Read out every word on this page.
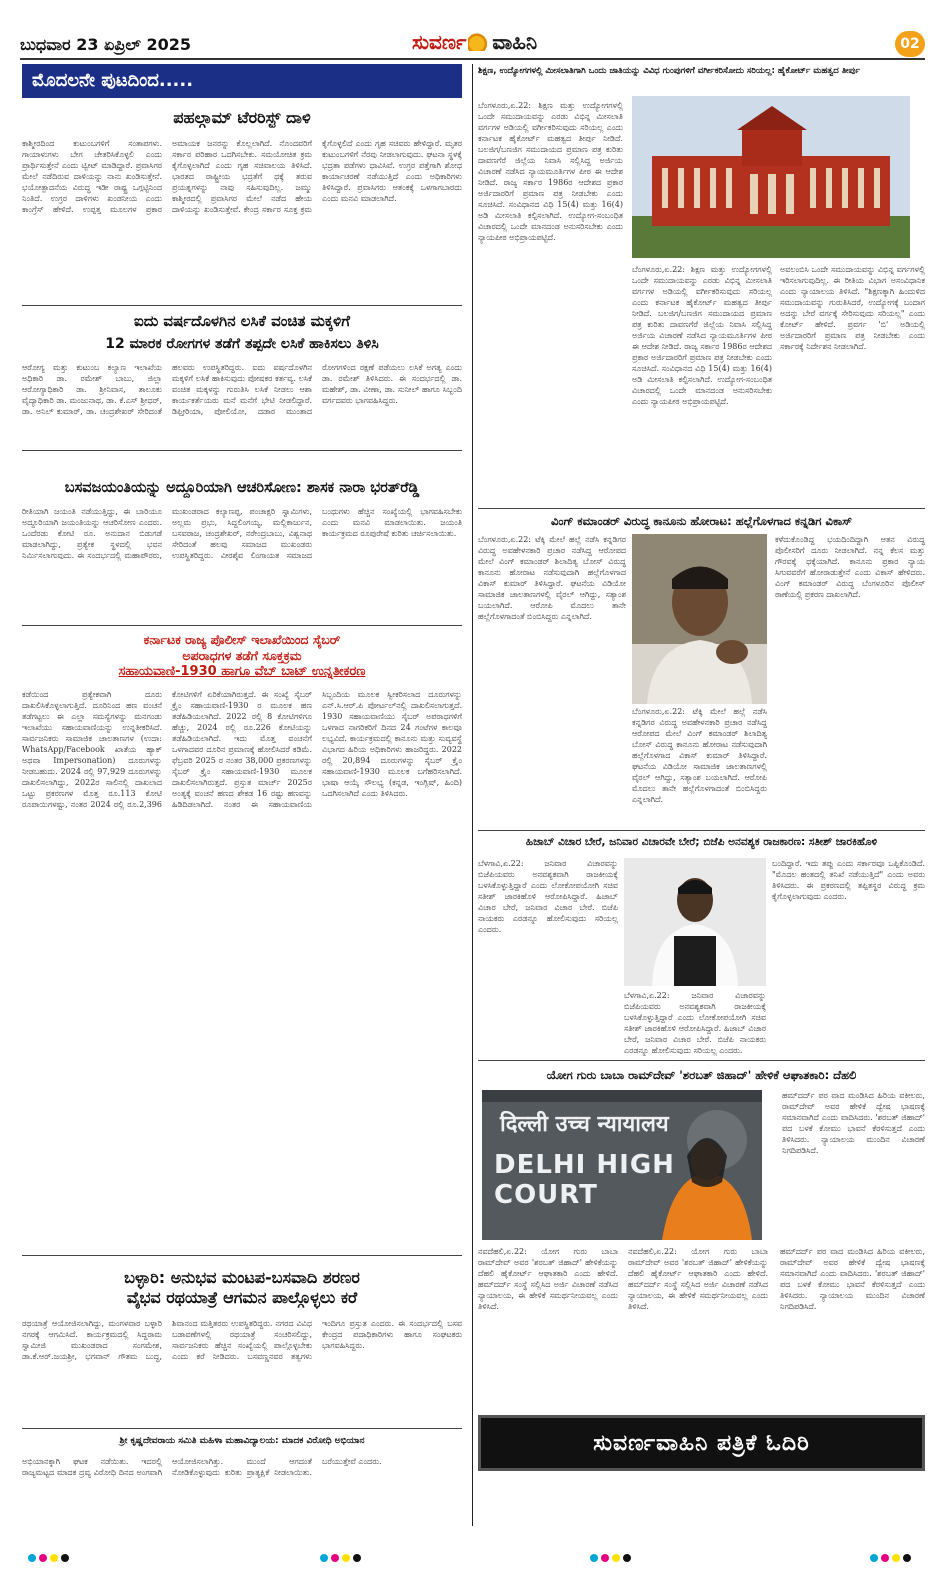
ಬುಧವಾರ 23 ಏಪ್ರಿಲ್ 2025	ಸುವರ್ಣ ವಾಹಿನಿ	02
ಮೊದಲನೇ ಪುಟದಿಂದ.....
ಪಹಲ್ಗಾಮ್ ಟೆರರಿಸ್ಟ್ ದಾಳಿ
ಕಾಶ್ಮೀರದಿಂದ ಕುಟುಂಬಗಳಿಗೆ ಸಂತಾಪಗಳು. ಗಾಯಾಳುಗಳು ಬೇಗ ಚೇತರಿಸಿಕೊಳ್ಳಲಿ ಎಂದು ಪ್ರಾರ್ಥಿಸುತ್ತೇನೆ ಎಂದು ಟ್ವೀಟ್ ಮಾಡಿದ್ದಾರೆ. ಪ್ರವಾಸಿಗರ ಮೇಲೆ ನಡೆದಿರುವ ದಾಳಿಯನ್ನು ನಾನು ಖಂಡಿಸುತ್ತೇನೆ. ಭಯೋತ್ಪಾದನೆಯ ವಿರುದ್ಧ ಇಡೀ ರಾಷ್ಟ್ರ ಒಗ್ಗಟ್ಟಿನಿಂದ ನಿಂತಿದೆ. ಉಗ್ರರ ದಾಳಿಗಳು ಖಂಡನೀಯ ಎಂದು ಕಾಂಗ್ರೆಸ್ ಹೇಳಿದೆ. ಉಪ್ಪತ್ತ ಮೂಲಗಳ ಪ್ರಕಾರ ಅಮಾಯಕ ಜನರನ್ನು ಕೊಲ್ಲಲಾಗಿದೆ. ನೊಂದವರಿಗೆ ಸರ್ಕಾರ ಪರಿಹಾರ ಒದಗಿಸಬೇಕು. ಸಮಯೋಚಿತ ಕ್ರಮ ಕೈಗೊಳ್ಳಲಾಗಿದೆ ಎಂದು ಗೃಹ ಸಚಿವಾಲಯ ತಿಳಿಸಿದೆ. ಭಾರತದ ರಾಷ್ಟ್ರೀಯ ಭದ್ರತೆಗೆ ಧಕ್ಕೆ ತರುವ ಪ್ರಯತ್ನಗಳನ್ನು ನಾವು ಸಹಿಸುವುದಿಲ್ಲ. ಜಮ್ಮು ಕಾಶ್ಮೀರದಲ್ಲಿ ಪ್ರವಾಸಿಗರ ಮೇಲೆ ನಡೆದ ಹೇಯ ದಾಳಿಯನ್ನು ಖಂಡಿಸುತ್ತೇವೆ. ಕೇಂದ್ರ ಸರ್ಕಾರ ಸೂಕ್ತ ಕ್ರಮ ಕೈಗೊಳ್ಳಲಿದೆ ಎಂದು ಗೃಹ ಸಚಿವರು ಹೇಳಿದ್ದಾರೆ. ಮೃತರ ಕುಟುಂಬಗಳಿಗೆ ನೆರವು ನೀಡಲಾಗುವುದು. ಘಟನಾ ಸ್ಥಳಕ್ಕೆ ಭದ್ರತಾ ಪಡೆಗಳು ಧಾವಿಸಿವೆ. ಉಗ್ರರ ಪತ್ತೆಗಾಗಿ ಶೋಧ ಕಾರ್ಯಾಚರಣೆ ನಡೆಯುತ್ತಿದೆ ಎಂದು ಅಧಿಕಾರಿಗಳು ತಿಳಿಸಿದ್ದಾರೆ. ಪ್ರವಾಸಿಗರು ಆತಂಕಕ್ಕೆ ಒಳಗಾಗಬಾರದು ಎಂದು ಮನವಿ ಮಾಡಲಾಗಿದೆ.
ಐದು ವರ್ಷದೊಳಗಿನ ಲಸಿಕೆ ವಂಚಿತ ಮಕ್ಕಳಿಗೆ
12 ಮಾರಕ ರೋಗಗಳ ತಡೆಗೆ ತಪ್ಪದೇ ಲಸಿಕೆ ಹಾಕಿಸಲು ತಿಳಿಸಿ
ಆರೋಗ್ಯ ಮತ್ತು ಕುಟುಂಬ ಕಲ್ಯಾಣ ಇಲಾಖೆಯ ಅಧಿಕಾರಿ ಡಾ. ರಮೇಶ್ ಬಾಬು, ಜಿಲ್ಲಾ ಆರೋಗ್ಯಾಧಿಕಾರಿ ಡಾ. ಶ್ರೀನಿವಾಸ, ತಾಲೂಕು ವೈದ್ಯಾಧಿಕಾರಿ ಡಾ. ಮಂಜುನಾಥ, ಡಾ. ಕೆ.ಎಸ್ ಶ್ರೀಧರ್, ಡಾ. ಅನಿಲ್ ಕುಮಾರ್, ಡಾ. ಚಂದ್ರಶೇಖರ್ ಸೇರಿದಂತೆ ಹಲವರು ಉಪಸ್ಥಿತರಿದ್ದರು. ಐದು ವರ್ಷದೊಳಗಿನ ಮಕ್ಕಳಿಗೆ ಲಸಿಕೆ ಹಾಕಿಸುವುದು ಪೋಷಕರ ಕರ್ತವ್ಯ. ಲಸಿಕೆ ವಂಚಿತ ಮಕ್ಕಳನ್ನು ಗುರುತಿಸಿ ಲಸಿಕೆ ನೀಡಲು ಆಶಾ ಕಾರ್ಯಕರ್ತೆಯರು ಮನೆ ಮನೆಗೆ ಭೇಟಿ ನೀಡಲಿದ್ದಾರೆ. ಡಿಫ್ತೀರಿಯಾ, ಪೋಲಿಯೋ, ದಡಾರ ಮುಂತಾದ ರೋಗಗಳಿಂದ ರಕ್ಷಣೆ ಪಡೆಯಲು ಲಸಿಕೆ ಅಗತ್ಯ ಎಂದು ಡಾ. ರಮೇಶ್ ತಿಳಿಸಿದರು. ಈ ಸಂದರ್ಭದಲ್ಲಿ ಡಾ. ಮಹೇಶ್, ಡಾ. ವೀಣಾ, ಡಾ. ಸುನೀಲ್ ಹಾಗೂ ಸಿಬ್ಬಂದಿ ವರ್ಗದವರು ಭಾಗವಹಿಸಿದ್ದರು.
ಬಸವಜಯಂತಿಯನ್ನು ಅದ್ದೂರಿಯಾಗಿ ಆಚರಿಸೋಣ: ಶಾಸಕ ನಾರಾ ಭರತ್‌ರೆಡ್ಡಿ
ರೀತಿಯಾಗಿ ಜಯಂತಿ ನಡೆಯುತ್ತಿದ್ದು, ಈ ಬಾರಿಯೂ ಅದ್ದೂರಿಯಾಗಿ ಜಯಂತಿಯನ್ನು ಆಚರಿಸೋಣ ಎಂದರು. ಒಂದೆರಡು ಕೋಟಿ ರೂ. ಅನುದಾನ ಬಿಡುಗಡೆ ಮಾಡಲಾಗಿದ್ದು, ಪ್ರತ್ಯೇಕ ಸ್ಥಳದಲ್ಲಿ ಭವನ ನಿರ್ಮಿಸಲಾಗುವುದು. ಈ ಸಂದರ್ಭದಲ್ಲಿ ಮಹಾಪೌರರು, ಮುಖಂಡರಾದ ಕಲ್ಯಾಣಪ್ಪ, ಪಂಚಾಕ್ಷರಿ ಸ್ವಾಮಿಗಳು, ಅಲ್ಲಮ ಪ್ರಭು, ಸಿದ್ದಲಿಂಗಯ್ಯ, ಮಲ್ಲಿಕಾರ್ಜುನ, ಬಸವರಾಜ, ಚಂದ್ರಶೇಖರ್, ನರೇಂದ್ರಬಾಬು, ವಿಶ್ವನಾಥ ಸೇರಿದಂತೆ ಹಲವು ಸಮಾಜದ ಮುಖಂಡರು ಉಪಸ್ಥಿತರಿದ್ದರು. ವೀರಶೈವ ಲಿಂಗಾಯತ ಸಮಾಜದ ಬಂಧುಗಳು ಹೆಚ್ಚಿನ ಸಂಖ್ಯೆಯಲ್ಲಿ ಭಾಗವಹಿಸಬೇಕು ಎಂದು ಮನವಿ ಮಾಡಲಾಯಿತು. ಜಯಂತಿ ಕಾರ್ಯಕ್ರಮದ ರೂಪುರೇಷೆ ಕುರಿತು ಚರ್ಚಿಸಲಾಯಿತು.
ಕರ್ನಾಟಕ ರಾಜ್ಯ ಪೊಲೀಸ್ ಇಲಾಖೆಯಿಂದ ಸೈಬರ್
ಅಪರಾಧಗಳ ತಡೆಗೆ ಸೂಕ್ತಕ್ರಮ
ಸಹಾಯವಾಣಿ-1930 ಹಾಗೂ ವೆಬ್ ಬಾಟ್ ಉನ್ನತೀಕರಣ
ಕಡೆಯಿಂದ ಪ್ರತ್ಯೇಕವಾಗಿ ದೂರು ದಾಖಲಿಸಿಕೊಳ್ಳಲಾಗುತ್ತಿದೆ. ದೂರಿನಿಂದ ಹಣ ವಂಚನೆ ತಡೆಗಟ್ಟಲು ಈ ಎಲ್ಲಾ ಸಮಸ್ಯೆಗಳನ್ನು ಮನಗಂಡು ಇಲಾಖೆಯು ಸಹಾಯವಾಣಿಯನ್ನು ಉನ್ನತೀಕರಿಸಿದೆ. ಸಾರ್ವಜನಿಕರು ಸಾಮಾಜಿಕ ಜಾಲತಾಣಗಳ (ಉದಾ: WhatsApp/Facebook ಖಾತೆಯ ಹ್ಯಾಕ್ ಅಥವಾ Impersonation) ದೂರುಗಳನ್ನು ನೀಡಬಹುದು. 2024 ರಲ್ಲಿ 97,929 ದೂರುಗಳನ್ನು ದಾಖಲಿಸಲಾಗಿದ್ದು, 2022ರ ಸಾಲಿನಲ್ಲಿ ದಾಖಲಾದ ಒಟ್ಟು ಪ್ರಕರಣಗಳ ಮೊತ್ತ ರೂ.113 ಕೋಟಿ ರೂಪಾಯಿಗಳಷ್ಟು, ನಂತರ 2024 ರಲ್ಲಿ ರೂ.2,396 ಕೋಟಿಗಳಿಗೆ ಏರಿಕೆಯಾಗಿರುತ್ತದೆ. ಈ ಸಂಖ್ಯೆ ಸೈಬರ್ ಕ್ರೈಂ ಸಹಾಯವಾಣಿ-1930 ರ ಮೂಲಕ ಹಣ ತಡೆಹಿಡಿಯಲಾಗಿದೆ. 2022 ರಲ್ಲಿ 8 ಕೋಟಿಗಳಿಗೂ ಹೆಚ್ಚು, 2024 ರಲ್ಲಿ ರೂ.226 ಕೋಟಿಯನ್ನು ತಡೆಹಿಡಿಯಲಾಗಿದೆ. ಇದು ಮೊತ್ತ ವಂಚನೆಗೆ ಒಳಗಾದವರ ದೂರಿನ ಪ್ರಮಾಣಕ್ಕೆ ಹೋಲಿಸಿದರೆ ಕಡಿಮೆ. ಫೆಬ್ರವರಿ 2025 ರ ನಂತರ 38,000 ಪ್ರಕರಣಗಳನ್ನು ಸೈಬರ್ ಕ್ರೈಂ ಸಹಾಯವಾಣಿ-1930 ಮೂಲಕ ದಾಖಲಿಸಲಾಗಿರುತ್ತದೆ. ಪ್ರಸ್ತುತ ಮಾರ್ಚ್ 2025ರ ಅಂತ್ಯಕ್ಕೆ ವಂಚನೆ ಹಣದ ಶೇಕಡ 16 ರಷ್ಟು ಹಣವನ್ನು ಹಿಡಿದಿಡಲಾಗಿದೆ. ನಂತರ ಈ ಸಹಾಯವಾಣಿಯ ಸಿಬ್ಬಂದಿಯ ಮೂಲಕ ಸ್ವೀಕರಿಸಲಾದ ದೂರುಗಳನ್ನು ಎನ್.ಸಿ.ಆರ್.ಪಿ ಪೋರ್ಟಲ್‌ನಲ್ಲಿ ದಾಖಲಿಸಲಾಗುತ್ತದೆ. 1930 ಸಹಾಯವಾಣಿಯು ಸೈಬರ್ ಅಪರಾಧಗಳಿಗೆ ಒಳಗಾದ ನಾಗರಿಕರಿಗೆ ದಿನದ 24 ಗಂಟೆಗಳ ಕಾಲವೂ ಲಭ್ಯವಿದೆ. ಕಾರ್ಯಕ್ರಮದಲ್ಲಿ ಕಾನೂನು ಮತ್ತು ಸುವ್ಯವಸ್ಥೆ ವಿಭಾಗದ ಹಿರಿಯ ಅಧಿಕಾರಿಗಳು ಹಾಜರಿದ್ದರು. 2022 ರಲ್ಲಿ 20,894 ದೂರುಗಳನ್ನು ಸೈಬರ್ ಕ್ರೈಂ ಸಹಾಯವಾಣಿ-1930 ಮೂಲಕ ಬಗೆಹರಿಸಲಾಗಿದೆ. ಭಾಷಾ ಆಯ್ಕೆ ಸೌಲಭ್ಯ (ಕನ್ನಡ, ಇಂಗ್ಲಿಷ್, ಹಿಂದಿ) ಒದಗಿಸಲಾಗಿದೆ ಎಂದು ತಿಳಿಸಿದರು.
ಬಳ್ಳಾರಿ: ಅನುಭವ ಮಂಟಪ-ಬಸವಾದಿ ಶರಣರ
ವೈಭವ ರಥಯಾತ್ರೆ ಆಗಮನ ಪಾಲ್ಗೊಳ್ಳಲು ಕರೆ
ರಥಯಾತ್ರೆ ಆಯೋಜಿಸಲಾಗಿದ್ದು, ಮಂಗಳವಾರ ಬಳ್ಳಾರಿ ನಗರಕ್ಕೆ ಆಗಮಿಸಿದೆ. ಕಾರ್ಯಕ್ರಮದಲ್ಲಿ ಸಿದ್ದರಾಮ ಸ್ವಾಮೀಜಿ ಮುಖಂಡರಾದ ಸಂಗಮೇಶ, ಡಾ.ಕೆ.ಆರ್.ಜಯಶ್ರೀ, ಭಗವಾನ್ ಗೌತಮ ಬುದ್ಧ, ಶಿವಾನಂದ ಮತ್ತಿತರರು ಉಪಸ್ಥಿತರಿದ್ದರು. ನಗರದ ವಿವಿಧ ಬಡಾವಣೆಗಳಲ್ಲಿ ರಥಯಾತ್ರೆ ಸಂಚರಿಸಲಿದ್ದು, ಸಾರ್ವಜನಿಕರು ಹೆಚ್ಚಿನ ಸಂಖ್ಯೆಯಲ್ಲಿ ಪಾಲ್ಗೊಳ್ಳಬೇಕು ಎಂದು ಕರೆ ನೀಡಿದರು. ಬಸವಣ್ಣನವರ ತತ್ವಗಳು ಇಂದಿಗೂ ಪ್ರಸ್ತುತ ಎಂದರು. ಈ ಸಂದರ್ಭದಲ್ಲಿ ಬಸವ ಕೇಂದ್ರದ ಪದಾಧಿಕಾರಿಗಳು ಹಾಗೂ ಸಂಘಟಕರು ಭಾಗವಹಿಸಿದ್ದರು.
ಶ್ರೀ ಕೃಷ್ಣದೇವರಾಯ ಸಮಿತಿ ಮಹಿಳಾ ಮಹಾವಿದ್ಯಾಲಯ: ಮಾದಕ ವಿರೋಧಿ ಅಭಿಯಾನ
ಅಭಿಯಾನಕ್ಕಾಗಿ ಘಟಕ ನಡೆಯಿತು. ಇದರಲ್ಲಿ ರಾಜ್ಯಮಟ್ಟದ ಮಾದಕ ದ್ರವ್ಯ ವಿರೋಧಿ ದಿನದ ಅಂಗವಾಗಿ ಆಯೋಜಿಸಲಾಗಿತ್ತು. ಮುಂದೆ ಆಗದಂತೆ ನೋಡಿಕೊಳ್ಳುವುದು ಕುರಿತು ಪ್ರಾತ್ಯಕ್ಷಿಕೆ ನೀಡಲಾಯಿತು. ಬರೆಯುತ್ತೇವೆ ಎಂದರು.
ಶಿಕ್ಷಣ, ಉದ್ಯೋಗಗಳಲ್ಲಿ ಮೀಸಲಾತಿಗಾಗಿ ಒಂದು ಜಾತಿಯನ್ನು ವಿವಿಧ ಗುಂಪುಗಳಿಗೆ ವರ್ಗೀಕರಿಸೋದು ಸರಿಯಲ್ಲ: ಹೈಕೋರ್ಟ್ ಮಹತ್ವದ ತೀರ್ಪು
ಬೆಂಗಳೂರು,ಏ.22: ಶಿಕ್ಷಣ ಮತ್ತು ಉದ್ಯೋಗಗಳಲ್ಲಿ ಒಂದೇ ಸಮುದಾಯವನ್ನು ಎರಡು ವಿಭಿನ್ನ ಮೀಸಲಾತಿ ವರ್ಗಗಳ ಅಡಿಯಲ್ಲಿ ವರ್ಗೀಕರಿಸುವುದು ಸರಿಯಲ್ಲ ಎಂದು ಕರ್ನಾಟಕ ಹೈಕೋರ್ಟ್ ಮಹತ್ವದ ತೀರ್ಪು ನೀಡಿದೆ. ಬಲಜಿಗ/ಬಣಜಿಗ ಸಮುದಾಯದ ಪ್ರಮಾಣ ಪತ್ರ ಕುರಿತು ದಾವಣಗೆರೆ ಜಿಲ್ಲೆಯ ನಿವಾಸಿ ಸಲ್ಲಿಸಿದ್ದ ಅರ್ಜಿಯ ವಿಚಾರಣೆ ನಡೆಸಿದ ನ್ಯಾಯಮೂರ್ತಿಗಳ ಪೀಠ ಈ ಆದೇಶ ನೀಡಿದೆ. ರಾಜ್ಯ ಸರ್ಕಾರ 1986ರ ಆದೇಶದ ಪ್ರಕಾರ ಅರ್ಜಿದಾರರಿಗೆ ಪ್ರಮಾಣ ಪತ್ರ ನೀಡಬೇಕು ಎಂದು ಸೂಚಿಸಿದೆ. ಸಂವಿಧಾನದ ವಿಧಿ 15(4) ಮತ್ತು 16(4) ಅಡಿ ಮೀಸಲಾತಿ ಕಲ್ಪಿಸಲಾಗಿದೆ. ಉದ್ಯೋಗ-ಸಂಬಂಧಿತ ವಿಚಾರದಲ್ಲಿ ಒಂದೇ ಮಾನದಂಡ ಅನುಸರಿಸಬೇಕು ಎಂದು ನ್ಯಾಯಪೀಠ ಅಭಿಪ್ರಾಯಪಟ್ಟಿದೆ.
ಬೆಂಗಳೂರು,ಏ.22: ಶಿಕ್ಷಣ ಮತ್ತು ಉದ್ಯೋಗಗಳಲ್ಲಿ ಒಂದೇ ಸಮುದಾಯವನ್ನು ಎರಡು ವಿಭಿನ್ನ ಮೀಸಲಾತಿ ವರ್ಗಗಳ ಅಡಿಯಲ್ಲಿ ವರ್ಗೀಕರಿಸುವುದು ಸರಿಯಲ್ಲ ಎಂದು ಕರ್ನಾಟಕ ಹೈಕೋರ್ಟ್ ಮಹತ್ವದ ತೀರ್ಪು ನೀಡಿದೆ. ಬಲಜಿಗ/ಬಣಜಿಗ ಸಮುದಾಯದ ಪ್ರಮಾಣ ಪತ್ರ ಕುರಿತು ದಾವಣಗೆರೆ ಜಿಲ್ಲೆಯ ನಿವಾಸಿ ಸಲ್ಲಿಸಿದ್ದ ಅರ್ಜಿಯ ವಿಚಾರಣೆ ನಡೆಸಿದ ನ್ಯಾಯಮೂರ್ತಿಗಳ ಪೀಠ ಈ ಆದೇಶ ನೀಡಿದೆ. ರಾಜ್ಯ ಸರ್ಕಾರ 1986ರ ಆದೇಶದ ಪ್ರಕಾರ ಅರ್ಜಿದಾರರಿಗೆ ಪ್ರಮಾಣ ಪತ್ರ ನೀಡಬೇಕು ಎಂದು ಸೂಚಿಸಿದೆ. ಸಂವಿಧಾನದ ವಿಧಿ 15(4) ಮತ್ತು 16(4) ಅಡಿ ಮೀಸಲಾತಿ ಕಲ್ಪಿಸಲಾಗಿದೆ. ಉದ್ಯೋಗ-ಸಂಬಂಧಿತ ವಿಚಾರದಲ್ಲಿ ಒಂದೇ ಮಾನದಂಡ ಅನುಸರಿಸಬೇಕು ಎಂದು ನ್ಯಾಯಪೀಠ ಅಭಿಪ್ರಾಯಪಟ್ಟಿದೆ.
ಅವಲಂಬಿಸಿ ಒಂದೇ ಸಮುದಾಯವನ್ನು ವಿಭಿನ್ನ ವರ್ಗಗಳಲ್ಲಿ ಇರಿಸಲಾಗುವುದಿಲ್ಲ. ಈ ರೀತಿಯ ವಿಭಾಗ ಅಸಂವಿಧಾನಿಕ ಎಂದು ನ್ಯಾಯಾಲಯ ತಿಳಿಸಿದೆ. "ಶಿಕ್ಷಣಕ್ಕಾಗಿ ಹಿಂದುಳಿದ ಸಮುದಾಯವನ್ನು ಗುರುತಿಸಿದರೆ, ಉದ್ಯೋಗಕ್ಕೆ ಬಂದಾಗ ಅದನ್ನು ಬೇರೆ ವರ್ಗಕ್ಕೆ ಸೇರಿಸುವುದು ಸರಿಯಲ್ಲ" ಎಂದು ಕೋರ್ಟ್ ಹೇಳಿದೆ. ಪ್ರವರ್ಗ 'ಬಿ' ಅಡಿಯಲ್ಲಿ ಅರ್ಜಿದಾರರಿಗೆ ಪ್ರಮಾಣ ಪತ್ರ ನೀಡಬೇಕು ಎಂದು ಸರ್ಕಾರಕ್ಕೆ ನಿರ್ದೇಶನ ನೀಡಲಾಗಿದೆ.
ವಿಂಗ್ ಕಮಾಂಡರ್ ವಿರುದ್ಧ ಕಾನೂನು ಹೋರಾಟ: ಹಲ್ಲೆಗೊಳಗಾದ ಕನ್ನಡಿಗ ವಿಕಾಸ್
ಬೆಂಗಳೂರು,ಏ.22: ಟೆಕ್ಕಿ ಮೇಲೆ ಹಲ್ಲೆ ನಡೆಸಿ ಕನ್ನಡಿಗರ ವಿರುದ್ಧ ಅವಹೇಳನಕಾರಿ ಪ್ರಚಾರ ನಡೆಸಿದ್ದ ಆರೋಪದ ಮೇಲೆ ವಿಂಗ್ ಕಮಾಂಡರ್ ಶಿಲಾದಿತ್ಯ ಬೋಸ್ ವಿರುದ್ಧ ಕಾನೂನು ಹೋರಾಟ ನಡೆಸುವುದಾಗಿ ಹಲ್ಲೆಗೊಳಗಾದ ವಿಕಾಸ್ ಕುಮಾರ್ ತಿಳಿಸಿದ್ದಾರೆ. ಘಟನೆಯ ವಿಡಿಯೋ ಸಾಮಾಜಿಕ ಜಾಲತಾಣಗಳಲ್ಲಿ ವೈರಲ್ ಆಗಿದ್ದು, ಸತ್ಯಾಂಶ ಬಯಲಾಗಿದೆ. ಆರೋಪಿ ಮೊದಲು ತಾನೇ ಹಲ್ಲೆಗೊಳಗಾದಂತೆ ಬಿಂಬಿಸಿದ್ದರು ಎನ್ನಲಾಗಿದೆ.
ಬೆಂಗಳೂರು,ಏ.22: ಟೆಕ್ಕಿ ಮೇಲೆ ಹಲ್ಲೆ ನಡೆಸಿ ಕನ್ನಡಿಗರ ವಿರುದ್ಧ ಅವಹೇಳನಕಾರಿ ಪ್ರಚಾರ ನಡೆಸಿದ್ದ ಆರೋಪದ ಮೇಲೆ ವಿಂಗ್ ಕಮಾಂಡರ್ ಶಿಲಾದಿತ್ಯ ಬೋಸ್ ವಿರುದ್ಧ ಕಾನೂನು ಹೋರಾಟ ನಡೆಸುವುದಾಗಿ ಹಲ್ಲೆಗೊಳಗಾದ ವಿಕಾಸ್ ಕುಮಾರ್ ತಿಳಿಸಿದ್ದಾರೆ. ಘಟನೆಯ ವಿಡಿಯೋ ಸಾಮಾಜಿಕ ಜಾಲತಾಣಗಳಲ್ಲಿ ವೈರಲ್ ಆಗಿದ್ದು, ಸತ್ಯಾಂಶ ಬಯಲಾಗಿದೆ. ಆರೋಪಿ ಮೊದಲು ತಾನೇ ಹಲ್ಲೆಗೊಳಗಾದಂತೆ ಬಿಂಬಿಸಿದ್ದರು ಎನ್ನಲಾಗಿದೆ.
ಕಳೆದುಕೊಂಡಿದ್ದ ಭಯದಿಂದಿದ್ದಾಗಿ ಆತನ ವಿರುದ್ಧ ಪೊಲೀಸರಿಗೆ ದೂರು ನೀಡಲಾಗಿದೆ. ನನ್ನ ಕೆಲಸ ಮತ್ತು ಗೌರವಕ್ಕೆ ಧಕ್ಕೆಯಾಗಿದೆ. ಕಾನೂನು ಪ್ರಕಾರ ನ್ಯಾಯ ಸಿಗುವವರೆಗೆ ಹೋರಾಡುತ್ತೇನೆ ಎಂದು ವಿಕಾಸ್ ಹೇಳಿದರು. ವಿಂಗ್ ಕಮಾಂಡರ್ ವಿರುದ್ಧ ಬೆಂಗಳೂರಿನ ಪೊಲೀಸ್ ಠಾಣೆಯಲ್ಲಿ ಪ್ರಕರಣ ದಾಖಲಾಗಿದೆ.
ಹಿಜಾಬ್ ವಿಚಾರ ಬೇರೆ, ಜನಿವಾರ ವಿಚಾರವೇ ಬೇರೆ; ಬಿಜೆಪಿ ಅನವಶ್ಯಕ ರಾಜಕಾರಣ: ಸತೀಶ್ ಜಾರಕಿಹೊಳಿ
ಬೆಳಗಾವಿ,ಏ.22: ಜನಿವಾರ ವಿಚಾರವನ್ನು ಬಿಜೆಪಿಯವರು ಅನವಶ್ಯಕವಾಗಿ ರಾಜಕೀಯಕ್ಕೆ ಬಳಸಿಕೊಳ್ಳುತ್ತಿದ್ದಾರೆ ಎಂದು ಲೋಕೋಪಯೋಗಿ ಸಚಿವ ಸತೀಶ್ ಜಾರಕಿಹೊಳಿ ಆರೋಪಿಸಿದ್ದಾರೆ. ಹಿಜಾಬ್ ವಿಚಾರ ಬೇರೆ, ಜನಿವಾರ ವಿಚಾರ ಬೇರೆ. ಬಿಜೆಪಿ ನಾಯಕರು ಎರಡನ್ನೂ ಹೋಲಿಸುವುದು ಸರಿಯಲ್ಲ ಎಂದರು.
ಬೆಳಗಾವಿ,ಏ.22: ಜನಿವಾರ ವಿಚಾರವನ್ನು ಬಿಜೆಪಿಯವರು ಅನವಶ್ಯಕವಾಗಿ ರಾಜಕೀಯಕ್ಕೆ ಬಳಸಿಕೊಳ್ಳುತ್ತಿದ್ದಾರೆ ಎಂದು ಲೋಕೋಪಯೋಗಿ ಸಚಿವ ಸತೀಶ್ ಜಾರಕಿಹೊಳಿ ಆರೋಪಿಸಿದ್ದಾರೆ. ಹಿಜಾಬ್ ವಿಚಾರ ಬೇರೆ, ಜನಿವಾರ ವಿಚಾರ ಬೇರೆ. ಬಿಜೆಪಿ ನಾಯಕರು ಎರಡನ್ನೂ ಹೋಲಿಸುವುದು ಸರಿಯಲ್ಲ ಎಂದರು.
ಬಂದಿದ್ದಾರೆ. ಇದು ತಪ್ಪು ಎಂದು ಸರ್ಕಾರವೂ ಒಪ್ಪಿಕೊಂಡಿದೆ. "ಮೊದಲ ಹಂತದಲ್ಲಿ ತನಿಖೆ ನಡೆಯುತ್ತಿದೆ" ಎಂದು ಅವರು ತಿಳಿಸಿದರು. ಈ ಪ್ರಕರಣದಲ್ಲಿ ತಪ್ಪಿತಸ್ಥರ ವಿರುದ್ಧ ಕ್ರಮ ಕೈಗೊಳ್ಳಲಾಗುವುದು ಎಂದರು.
ಯೋಗ ಗುರು ಬಾಬಾ ರಾಮ್‌ದೇವ್ 'ಶರಬತ್ ಜಿಹಾದ್' ಹೇಳಿಕೆ ಆಘಾತಕಾರಿ: ದೆಹಲಿ
दिल्ली उच्च न्यायालय
DELHI HIGH COURT
ಹಮ್‌ದರ್ದ್ ಪರ ವಾದ ಮಂಡಿಸಿದ ಹಿರಿಯ ವಕೀಲರು, ರಾಮ್‌ದೇವ್ ಅವರ ಹೇಳಿಕೆ ದ್ವೇಷ ಭಾಷಣಕ್ಕೆ ಸಮಾನವಾಗಿದೆ ಎಂದು ವಾದಿಸಿದರು. 'ಶರಬತ್ ಜಿಹಾದ್' ಪದ ಬಳಕೆ ಕೋಮು ಭಾವನೆ ಕೆರಳಿಸುತ್ತದೆ ಎಂದು ತಿಳಿಸಿದರು. ನ್ಯಾಯಾಲಯ ಮುಂದಿನ ವಿಚಾರಣೆ ನಿಗದಿಪಡಿಸಿದೆ.
ನವದೆಹಲಿ,ಏ.22: ಯೋಗ ಗುರು ಬಾಬಾ ರಾಮ್‌ದೇವ್ ಅವರ 'ಶರಬತ್ ಜಿಹಾದ್' ಹೇಳಿಕೆಯನ್ನು ದೆಹಲಿ ಹೈಕೋರ್ಟ್ ಆಘಾತಕಾರಿ ಎಂದು ಹೇಳಿದೆ. ಹಮ್‌ದರ್ದ್ ಸಂಸ್ಥೆ ಸಲ್ಲಿಸಿದ ಅರ್ಜಿ ವಿಚಾರಣೆ ನಡೆಸಿದ ನ್ಯಾಯಾಲಯ, ಈ ಹೇಳಿಕೆ ಸಮರ್ಥನೀಯವಲ್ಲ ಎಂದು ತಿಳಿಸಿದೆ.
ನವದೆಹಲಿ,ಏ.22: ಯೋಗ ಗುರು ಬಾಬಾ ರಾಮ್‌ದೇವ್ ಅವರ 'ಶರಬತ್ ಜಿಹಾದ್' ಹೇಳಿಕೆಯನ್ನು ದೆಹಲಿ ಹೈಕೋರ್ಟ್ ಆಘಾತಕಾರಿ ಎಂದು ಹೇಳಿದೆ. ಹಮ್‌ದರ್ದ್ ಸಂಸ್ಥೆ ಸಲ್ಲಿಸಿದ ಅರ್ಜಿ ವಿಚಾರಣೆ ನಡೆಸಿದ ನ್ಯಾಯಾಲಯ, ಈ ಹೇಳಿಕೆ ಸಮರ್ಥನೀಯವಲ್ಲ ಎಂದು ತಿಳಿಸಿದೆ.
ಹಮ್‌ದರ್ದ್ ಪರ ವಾದ ಮಂಡಿಸಿದ ಹಿರಿಯ ವಕೀಲರು, ರಾಮ್‌ದೇವ್ ಅವರ ಹೇಳಿಕೆ ದ್ವೇಷ ಭಾಷಣಕ್ಕೆ ಸಮಾನವಾಗಿದೆ ಎಂದು ವಾದಿಸಿದರು. 'ಶರಬತ್ ಜಿಹಾದ್' ಪದ ಬಳಕೆ ಕೋಮು ಭಾವನೆ ಕೆರಳಿಸುತ್ತದೆ ಎಂದು ತಿಳಿಸಿದರು. ನ್ಯಾಯಾಲಯ ಮುಂದಿನ ವಿಚಾರಣೆ ನಿಗದಿಪಡಿಸಿದೆ.
ಸುವರ್ಣವಾಹಿನಿ ಪತ್ರಿಕೆ ಓದಿರಿ
